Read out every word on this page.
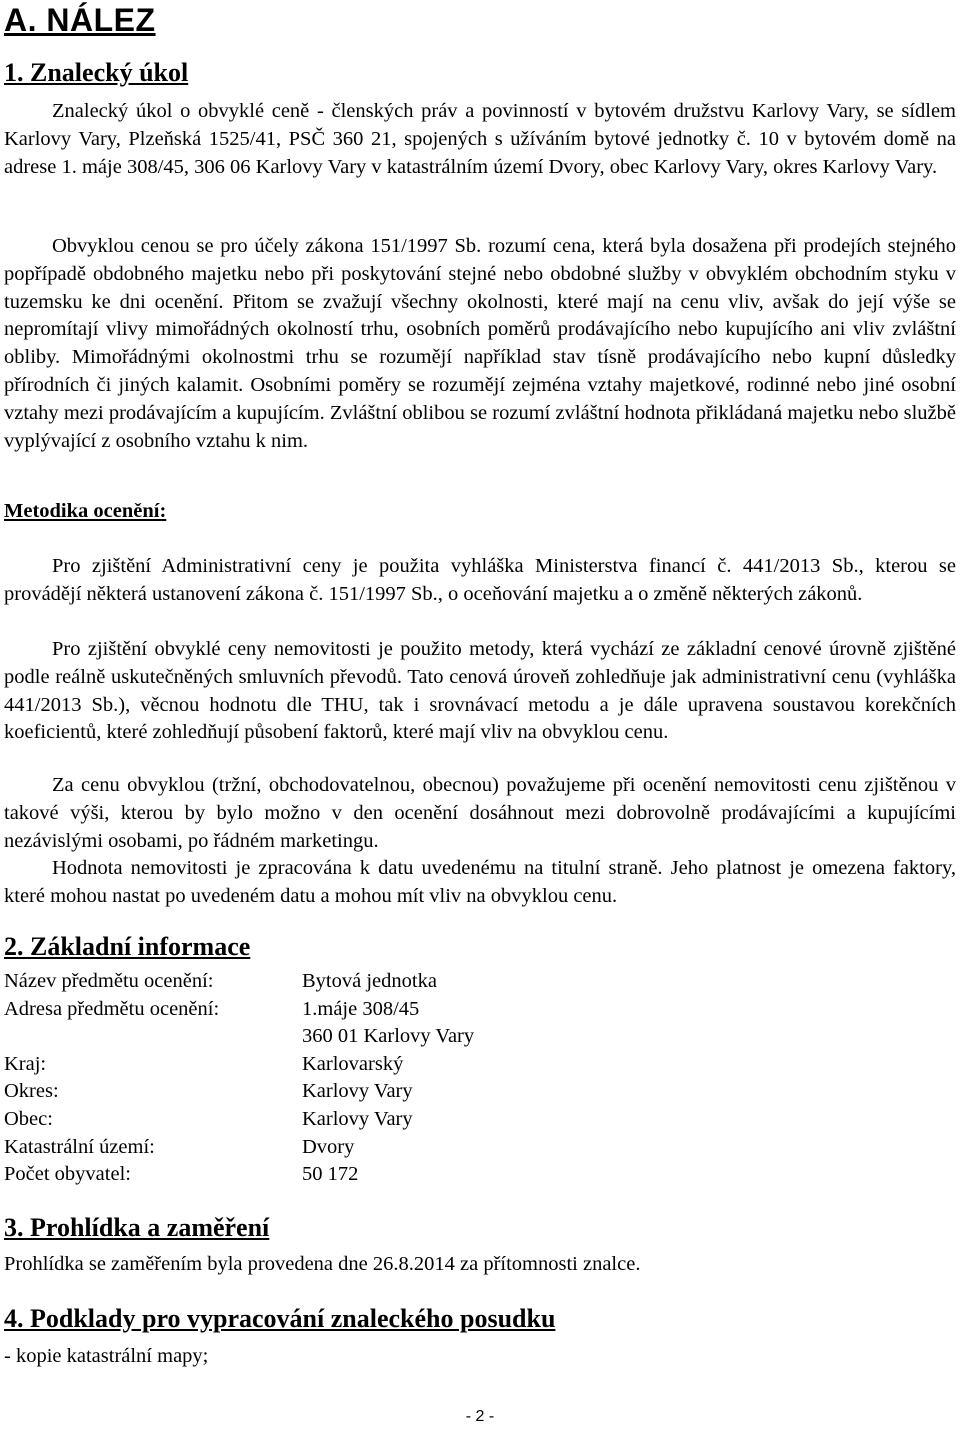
A. NÁLEZ
1. Znalecký úkol

Znalecký úkol o obvyklé ceně - členských práv a povinností v bytovém družstvu Karlovy Vary, se sídlem Karlovy Vary, Plzeňská 1525/41, PSČ 360 21, spojených s užíváním bytové jednotky č. 10 v bytovém domě na adrese 1. máje 308/45, 306 06 Karlovy Vary v katastrálním území Dvory, obec Karlovy Vary, okres Karlovy Vary.

Obvyklou cenou se pro účely zákona 151/1997 Sb. rozumí cena, která byla dosažena při prodejích stejného popřípadě obdobného majetku nebo při poskytování stejné nebo obdobné služby v obvyklém obchodním styku v tuzemsku ke dni ocenění. Přitom se zvažují všechny okolnosti, které mají na cenu vliv, avšak do její výše se nepromítají vlivy mimořádných okolností trhu, osobních poměrů prodávajícího nebo kupujícího ani vliv zvláštní obliby. Mimořádnými okolnostmi trhu se rozumějí například stav tísně prodávajícího nebo kupní důsledky přírodních či jiných kalamit. Osobními poměry se rozumějí zejména vztahy majetkové, rodinné nebo jiné osobní vztahy mezi prodávajícím a kupujícím. Zvláštní oblibou se rozumí zvláštní hodnota přikládaná majetku nebo službě vyplývající z osobního vztahu k nim.

Metodika ocenění:

Pro zjištění Administrativní ceny je použita vyhláška Ministerstva financí č. 441/2013 Sb., kterou se provádějí některá ustanovení zákona č. 151/1997 Sb., o oceňování majetku a o změně některých zákonů.

Pro zjištění obvyklé ceny nemovitosti je použito metody, která vychází ze základní cenové úrovně zjištěné podle reálně uskutečněných smluvních převodů. Tato cenová úroveň zohledňuje jak administrativní cenu (vyhláška 441/2013 Sb.), věcnou hodnotu dle THU, tak i srovnávací metodu a je dále upravena soustavou korekčních koeficientů, které zohledňují působení faktorů, které mají vliv na obvyklou cenu.

Za cenu obvyklou (tržní, obchodovatelnou, obecnou) považujeme při ocenění nemovitosti cenu zjištěnou v takové výši, kterou by bylo možno v den ocenění dosáhnout mezi dobrovolně prodávajícími a kupujícími nezávislými osobami, po řádném marketingu.

Hodnota nemovitosti je zpracována k datu uvedenému na titulní straně. Jeho platnost je omezena faktory, které mohou nastat po uvedeném datu a mohou mít vliv na obvyklou cenu.

2. Základní informace
Název předmětu ocenění:	Bytová jednotka
Adresa předmětu ocenění:	1.máje 308/45
360 01 Karlovy Vary
Kraj:	Karlovarský
Okres:	Karlovy Vary
Obec:	Karlovy Vary
Katastrální území:	Dvory
Počet obyvatel:	50 172
3. Prohlídka a zaměření

Prohlídka se zaměřením byla provedena dne 26.8.2014 za přítomnosti znalce.

4. Podklady pro vypracování znaleckého posudku

- kopie katastrální mapy;

- 2 -
